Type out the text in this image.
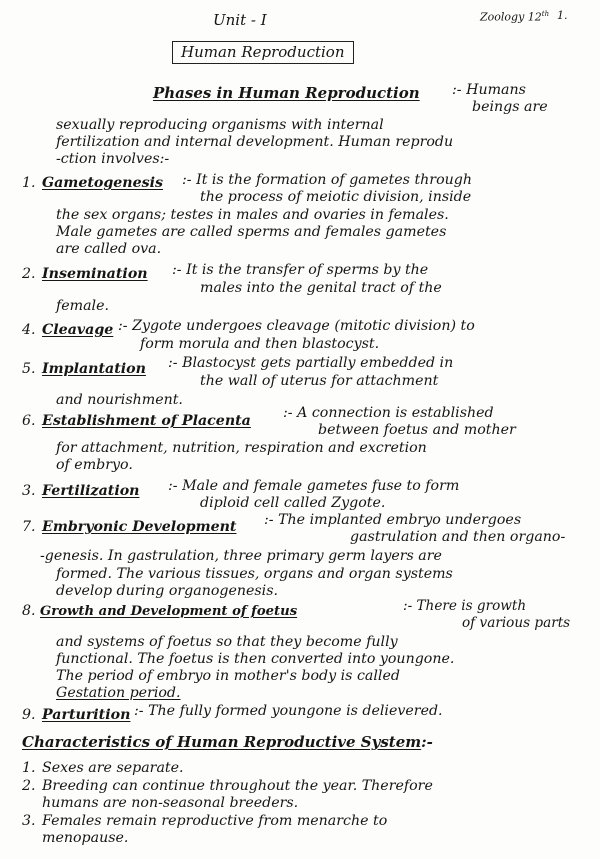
Unit - I	Zoology 12th 1.
Human Reproduction
Phases in Human Reproduction :- Humans
beings are
sexually reproducing organisms with internal
fertilization and internal development. Human reprodu
-ction involves:-
1. Gametogenesis :- It is the formation of gametes through
the process of meiotic division, inside
the sex organs; testes in males and ovaries in females.
Male gametes are called sperms and females gametes
are called ova.
2. Insemination :- It is the transfer of sperms by the
males into the genital tract of the
female.
4. Cleavage :- Zygote undergoes cleavage (mitotic division) to
form morula and then blastocyst.
5. Implantation :- Blastocyst gets partially embedded in
the wall of uterus for attachment
and nourishment.
6. Establishment of Placenta :- A connection is established
between foetus and mother
for attachment, nutrition, respiration and excretion
of embryo.
3. Fertilization :- Male and female gametes fuse to form
diploid cell called Zygote.
7. Embryonic Development :- The implanted embryo undergoes
gastrulation and then organo-
-genesis. In gastrulation, three primary germ layers are
formed. The various tissues, organs and organ systems
develop during organogenesis.
8. Growth and Development of foetus	:- There is growth
of various parts
and systems of foetus so that they become fully
functional. The foetus is then converted into youngone.
The period of embryo in mother's body is called
Gestation period.
9. Parturition :- The fully formed youngone is delievered.
Characteristics of Human Reproductive System:-
1. Sexes are separate.
2. Breeding can continue throughout the year. Therefore
humans are non-seasonal breeders.
3. Females remain reproductive from menarche to
menopause.
